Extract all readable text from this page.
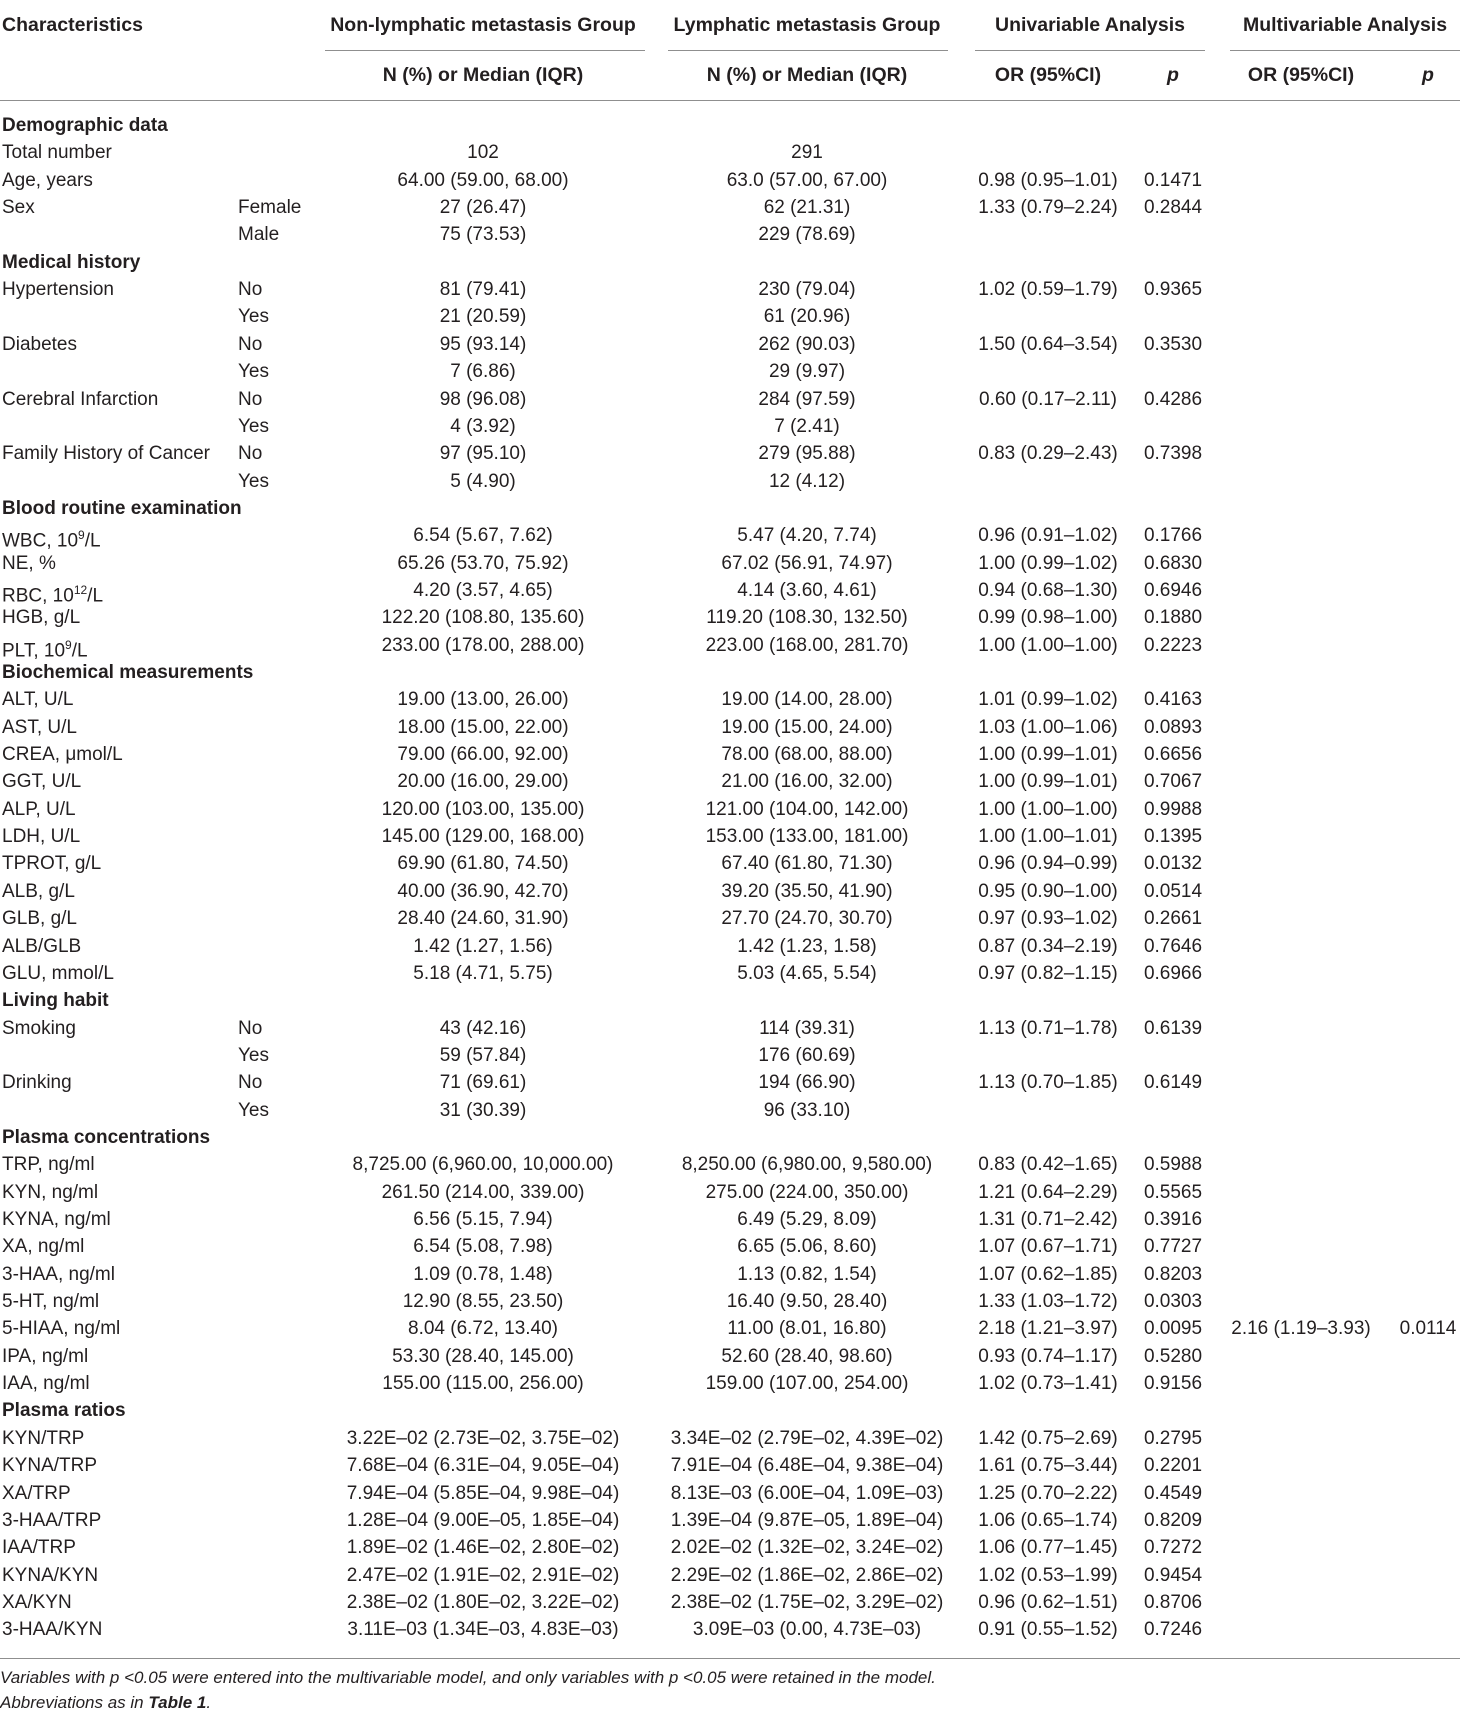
Characteristics	Non-lymphatic metastasis Group Lymphatic metastasis Group	Univariable Analysis	Multivariable Analysis
N (%) or Median (IQR)	N (%) or Median (IQR)	OR (95%CI)	p	OR (95%CI)	p
Demographic data
Total number	102	291
Age, years	64.00 (59.00, 68.00)	63.0 (57.00, 67.00)	0.98 (0.95–1.01) 0.1471
Sex	Female	27 (26.47)	62 (21.31)	1.33 (0.79–2.24) 0.2844
Male	75 (73.53)	229 (78.69)
Medical history
Hypertension	No	81 (79.41)	230 (79.04)	1.02 (0.59–1.79) 0.9365
Yes	21 (20.59)	61 (20.96)
Diabetes	No	95 (93.14)	262 (90.03)	1.50 (0.64–3.54) 0.3530
Yes	7 (6.86)	29 (9.97)
Cerebral Infarction	No	98 (96.08)	284 (97.59)	0.60 (0.17–2.11) 0.4286
Yes	4 (3.92)	7 (2.41)
Family History of Cancer No	97 (95.10)	279 (95.88)	0.83 (0.29–2.43) 0.7398
Yes	5 (4.90)	12 (4.12)
Blood routine examination
WBC, $10^9/L$	6.54 (5.67, 7.62)	5.47 (4.20, 7.74)	0.96 (0.91–1.02) 0.1766
NE, %	65.26 (53.70, 75.92)	67.02 (56.91, 74.97)	1.00 (0.99–1.02) 0.6830
RBC, $10^{12}/L$	4.20 (3.57, 4.65)	4.14 (3.60, 4.61)	0.94 (0.68–1.30) 0.6946
HGB, g/L	122.20 (108.80, 135.60)	119.20 (108.30, 132.50)	0.99 (0.98–1.00) 0.1880
PLT, $10^9/L$	233.00 (178.00, 288.00)	223.00 (168.00, 281.70)	1.00 (1.00–1.00) 0.2223
Biochemical measurements
ALT, U/L	19.00 (13.00, 26.00)	19.00 (14.00, 28.00)	1.01 (0.99–1.02) 0.4163
AST, U/L	18.00 (15.00, 22.00)	19.00 (15.00, 24.00)	1.03 (1.00–1.06) 0.0893
CREA, μmol/L	79.00 (66.00, 92.00)	78.00 (68.00, 88.00)	1.00 (0.99–1.01) 0.6656
GGT, U/L	20.00 (16.00, 29.00)	21.00 (16.00, 32.00)	1.00 (0.99–1.01) 0.7067
ALP, U/L	120.00 (103.00, 135.00)	121.00 (104.00, 142.00)	1.00 (1.00–1.00) 0.9988
LDH, U/L	145.00 (129.00, 168.00)	153.00 (133.00, 181.00)	1.00 (1.00–1.01) 0.1395
TPROT, g/L	69.90 (61.80, 74.50)	67.40 (61.80, 71.30)	0.96 (0.94–0.99) 0.0132
ALB, g/L	40.00 (36.90, 42.70)	39.20 (35.50, 41.90)	0.95 (0.90–1.00) 0.0514
GLB, g/L	28.40 (24.60, 31.90)	27.70 (24.70, 30.70)	0.97 (0.93–1.02) 0.2661
ALB/GLB	1.42 (1.27, 1.56)	1.42 (1.23, 1.58)	0.87 (0.34–2.19) 0.7646
GLU, mmol/L	5.18 (4.71, 5.75)	5.03 (4.65, 5.54)	0.97 (0.82–1.15) 0.6966
Living habit
Smoking	No	43 (42.16)	114 (39.31)	1.13 (0.71–1.78) 0.6139
Yes	59 (57.84)	176 (60.69)
Drinking	No	71 (69.61)	194 (66.90)	1.13 (0.70–1.85) 0.6149
Yes	31 (30.39)	96 (33.10)
Plasma concentrations
TRP, ng/ml	8,725.00 (6,960.00, 10,000.00)	8,250.00 (6,980.00, 9,580.00) 0.83 (0.42–1.65) 0.5988
KYN, ng/ml	261.50 (214.00, 339.00)	275.00 (224.00, 350.00)	1.21 (0.64–2.29) 0.5565
KYNA, ng/ml	6.56 (5.15, 7.94)	6.49 (5.29, 8.09)	1.31 (0.71–2.42) 0.3916
XA, ng/ml	6.54 (5.08, 7.98)	6.65 (5.06, 8.60)	1.07 (0.67–1.71) 0.7727
3-HAA, ng/ml	1.09 (0.78, 1.48)	1.13 (0.82, 1.54)	1.07 (0.62–1.85) 0.8203
5-HT, ng/ml	12.90 (8.55, 23.50)	16.40 (9.50, 28.40)	1.33 (1.03–1.72) 0.0303
5-HIAA, ng/ml	8.04 (6.72, 13.40)	11.00 (8.01, 16.80)	2.18 (1.21–3.97) 0.0095 2.16 (1.19–3.93) 0.0114
IPA, ng/ml	53.30 (28.40, 145.00)	52.60 (28.40, 98.60)	0.93 (0.74–1.17) 0.5280
IAA, ng/ml	155.00 (115.00, 256.00)	159.00 (107.00, 254.00)	1.02 (0.73–1.41) 0.9156
Plasma ratios
KYN/TRP	3.22E–02 (2.73E–02, 3.75E–02)	3.34E–02 (2.79E–02, 4.39E–02) 1.42 (0.75–2.69) 0.2795
KYNA/TRP	7.68E–04 (6.31E–04, 9.05E–04)	7.91E–04 (6.48E–04, 9.38E–04) 1.61 (0.75–3.44) 0.2201
XA/TRP	7.94E–04 (5.85E–04, 9.98E–04)	8.13E–03 (6.00E–04, 1.09E–03) 1.25 (0.70–2.22) 0.4549
3-HAA/TRP	1.28E–04 (9.00E–05, 1.85E–04)	1.39E–04 (9.87E–05, 1.89E–04) 1.06 (0.65–1.74) 0.8209
IAA/TRP	1.89E–02 (1.46E–02, 2.80E–02)	2.02E–02 (1.32E–02, 3.24E–02) 1.06 (0.77–1.45) 0.7272
KYNA/KYN	2.47E–02 (1.91E–02, 2.91E–02)	2.29E–02 (1.86E–02, 2.86E–02) 1.02 (0.53–1.99) 0.9454
XA/KYN	2.38E–02 (1.80E–02, 3.22E–02)	2.38E–02 (1.75E–02, 3.29E–02) 0.96 (0.62–1.51) 0.8706
3-HAA/KYN	3.11E–03 (1.34E–03, 4.83E–03)	3.09E–03 (0.00, 4.73E–03)	0.91 (0.55–1.52) 0.7246
Variables with p <0.05 were entered into the multivariable model, and only variables with p <0.05 were retained in the model.
Abbreviations as in Table 1.
